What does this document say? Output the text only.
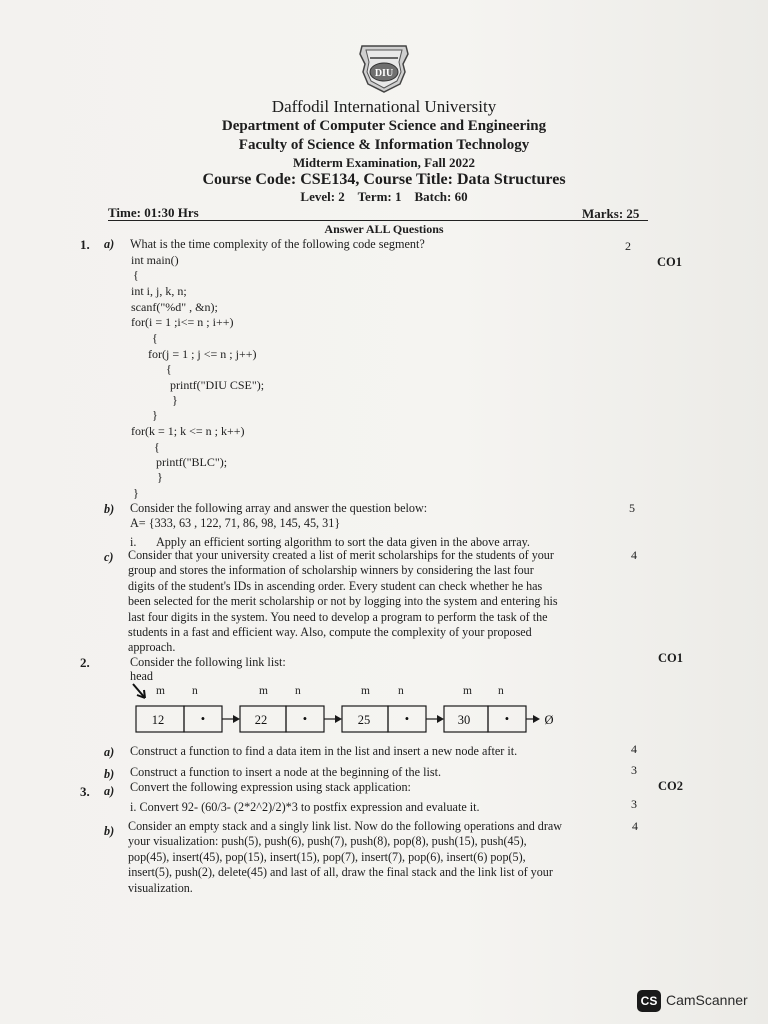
DIU
Daffodil International University
Department of Computer Science and Engineering
Faculty of Science & Information Technology
Midterm Examination, Fall 2022
Course Code: CSE134, Course Title: Data Structures
Level: 2    Term: 1    Batch: 60
Time: 01:30 Hrs	Marks: 25
Answer ALL Questions
1. a) What is the time complexity of the following code segment?	2
CO1
int main()
{
int i, j, k, n;
scanf("%d" , &n);
for(i = 1 ;i<= n ; i++)
{
for(j = 1 ; j <= n ; j++)
{
printf("DIU CSE");
}
}
for(k = 1; k <= n ; k++)
{
printf("BLC");
}
}
b) Consider the following array and answer the question below:	5
A= {333, 63 , 122, 71, 86, 98, 145, 45, 31}
i. Apply an efficient sorting algorithm to sort the data given in the above array.
c)	4
Consider that your university created a list of merit scholarships for the students of your
group and stores the information of scholarship winners by considering the last four
digits of the student's IDs in ascending order. Every student can check whether he has
been selected for the merit scholarship or not by logging into the system and entering his
last four digits in the system. You need to develop a program to perform the task of the
students in a fast and efficient way. Also, compute the complexity of your proposed
approach.
2.	Consider the following link list:	CO1
head
m n	m n	m n	m n
12	•	22	•	25	•	30	•	Ø
a) Construct a function to find a data item in the list and insert a new node after it.	4
b) Construct a function to insert a node at the beginning of the list.	3
3. a) Convert the following expression using stack application:	CO2
i. Convert 92- (60/3- (2*2^2)/2)*3 to postfix expression and evaluate it.	3
b)	4
Consider an empty stack and a singly link list. Now do the following operations and draw
your visualization: push(5), push(6), push(7), push(8), pop(8), push(15), push(45),
pop(45), insert(45), pop(15), insert(15), pop(7), insert(7), pop(6), insert(6) pop(5),
insert(5), push(2), delete(45) and last of all, draw the final stack and the link list of your
visualization.
CS CamScanner
